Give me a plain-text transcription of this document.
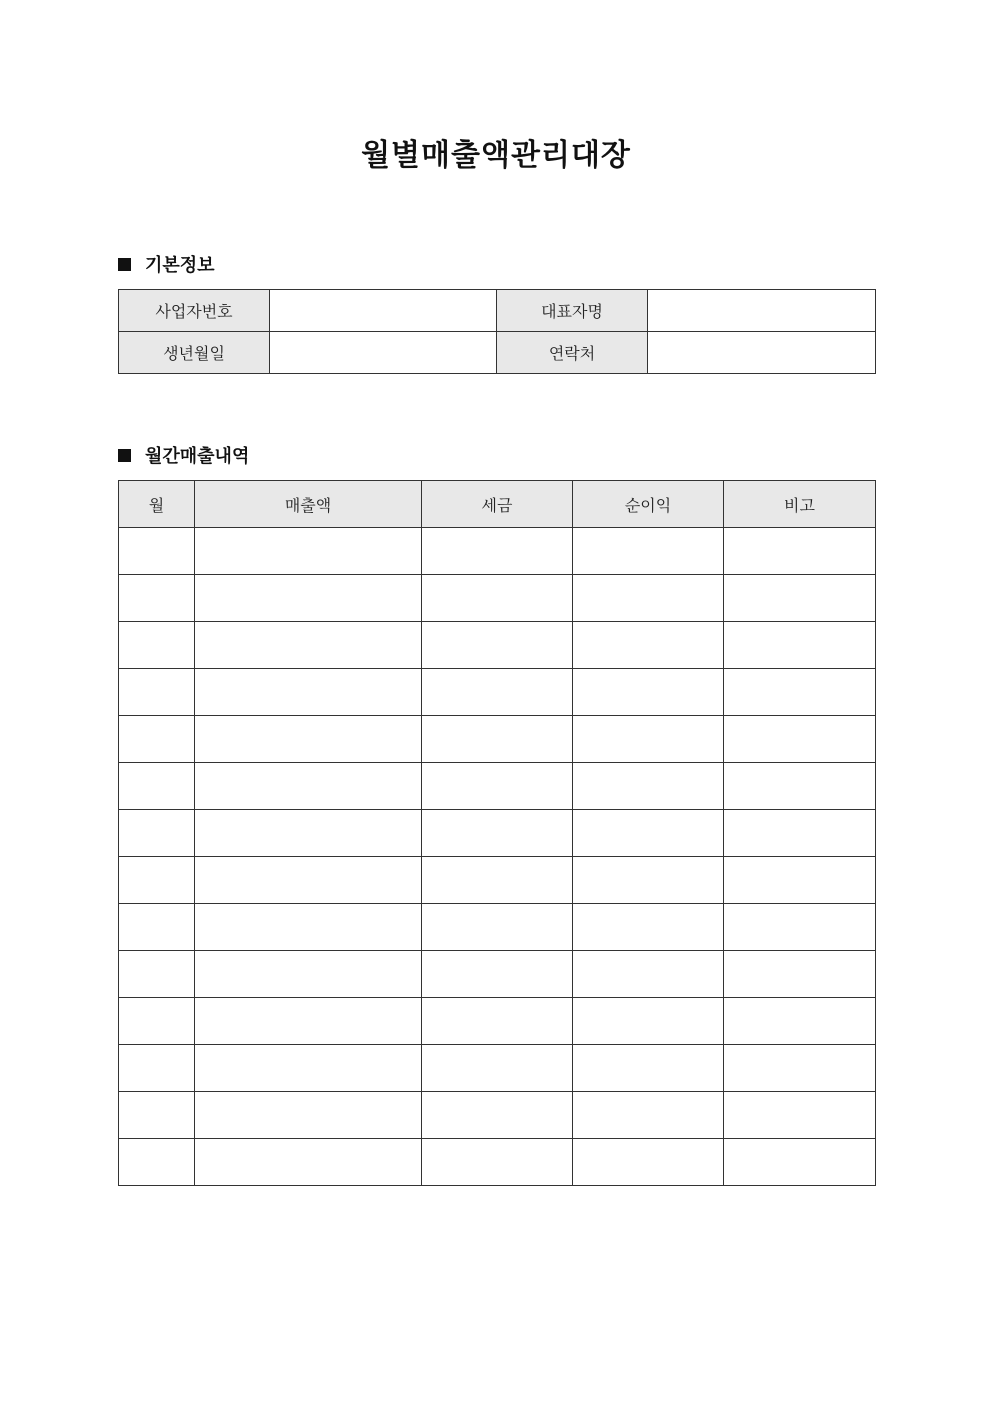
월별매출액관리대장
기본정보
사업자번호		대표자명	
생년월일		연락처	
월간매출내역
월	매출액	세금	순이익	비고
